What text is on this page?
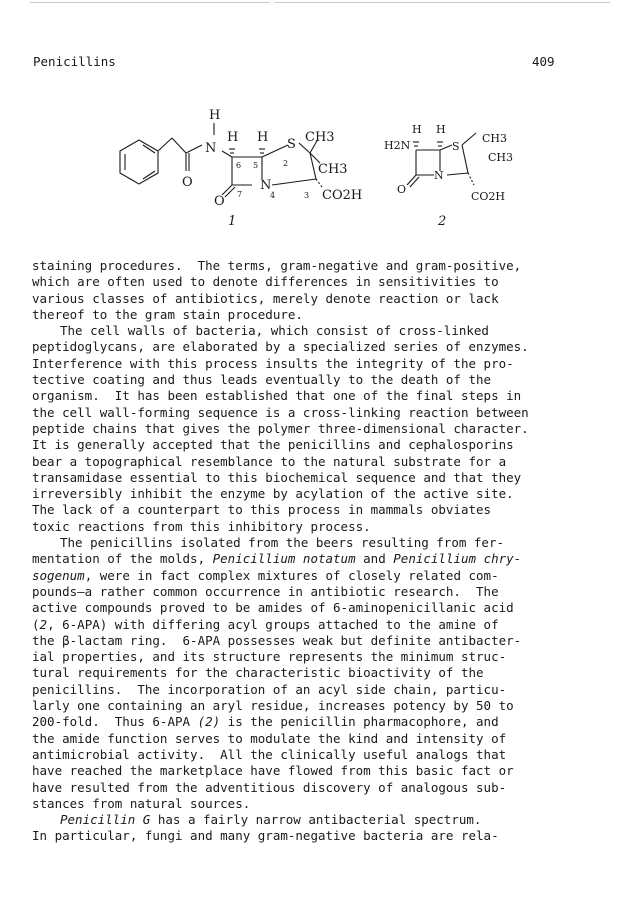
Penicillins	409
H
N
O
H H S CH3
CH3
N
O	CO2H
6 5	2
7	4	3
1
H2N
H H
S
CH3
CH3
N
O
CO2H
2
staining procedures.  The terms, gram-negative and gram-positive,
which are often used to denote differences in sensitivities to
various classes of antibiotics, merely denote reaction or lack
thereof to the gram stain procedure.
The cell walls of bacteria, which consist of cross-linked
peptidoglycans, are elaborated by a specialized series of enzymes.
Interference with this process insults the integrity of the pro-
tective coating and thus leads eventually to the death of the
organism.  It has been established that one of the final steps in
the cell wall-forming sequence is a cross-linking reaction between
peptide chains that gives the polymer three-dimensional character.
It is generally accepted that the penicillins and cephalosporins
bear a topographical resemblance to the natural substrate for a
transamidase essential to this biochemical sequence and that they
irreversibly inhibit the enzyme by acylation of the active site.
The lack of a counterpart to this process in mammals obviates
toxic reactions from this inhibitory process.
The penicillins isolated from the beers resulting from fer-
mentation of the molds, Penicillium notatum and Penicillium chry-
sogenum, were in fact complex mixtures of closely related com-
pounds—a rather common occurrence in antibiotic research.  The
active compounds proved to be amides of 6-aminopenicillanic acid
(2, 6-APA) with differing acyl groups attached to the amine of
the β-lactam ring.  6-APA possesses weak but definite antibacter-
ial properties, and its structure represents the minimum struc-
tural requirements for the characteristic bioactivity of the
penicillins.  The incorporation of an acyl side chain, particu-
larly one containing an aryl residue, increases potency by 50 to
200-fold.  Thus 6-APA (2) is the penicillin pharmacophore, and
the amide function serves to modulate the kind and intensity of
antimicrobial activity.  All the clinically useful analogs that
have reached the marketplace have flowed from this basic fact or
have resulted from the adventitious discovery of analogous sub-
stances from natural sources.
Penicillin G has a fairly narrow antibacterial spectrum.
In particular, fungi and many gram-negative bacteria are rela-
